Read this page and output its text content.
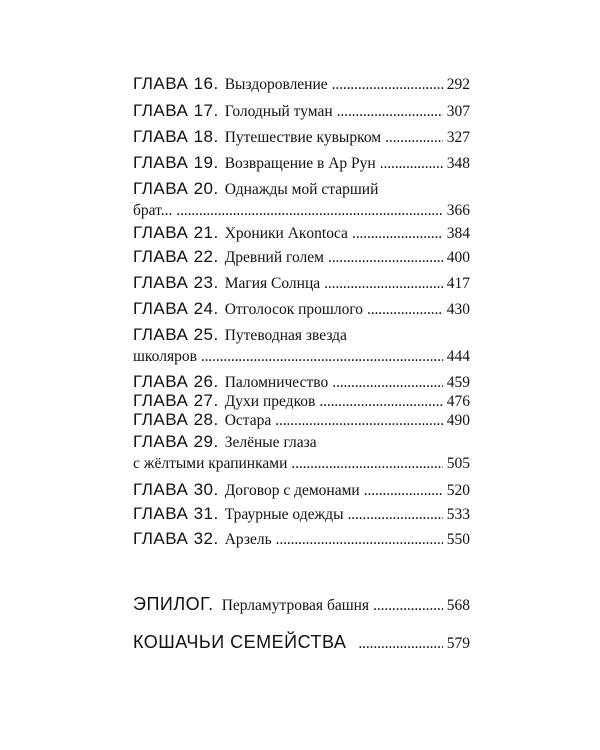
ГЛАВА 16. Выздоровление . . .	292
ГЛАВА 17. Голодный туман . . .	307
ГЛАВА 18. Путешествие кувырком . . .	327
ГЛАВА 19. Возвращение в Ар Рун . . .	348
ГЛАВА 20. Однажды мой старший
брат... . . .	366
ГЛАВА 21. Хроники Акontoса . . .	384
ГЛАВА 22. Древний голем . . .	400
ГЛАВА 23. Магия Солнца . . .	417
ГЛАВА 24. Отголосок прошлого . . .	430
ГЛАВА 25. Путеводная звезда
школяров . . .	444
ГЛАВА 26. Паломничество . . .	459
ГЛАВА 27. Духи предков . . .	476
ГЛАВА 28. Остара . . .	490
ГЛАВА 29. Зелёные глаза
с жёлтыми крапинками . . .	505
ГЛАВА 30. Договор с демонами . . .	520
ГЛАВА 31. Траурные одежды . . .	533
ГЛАВА 32. Арзель . . .	550
ЭПИЛОГ. Перламутровая башня . . .	568
КОШАЧЬИ СЕМЕЙСТВА . . .	579
